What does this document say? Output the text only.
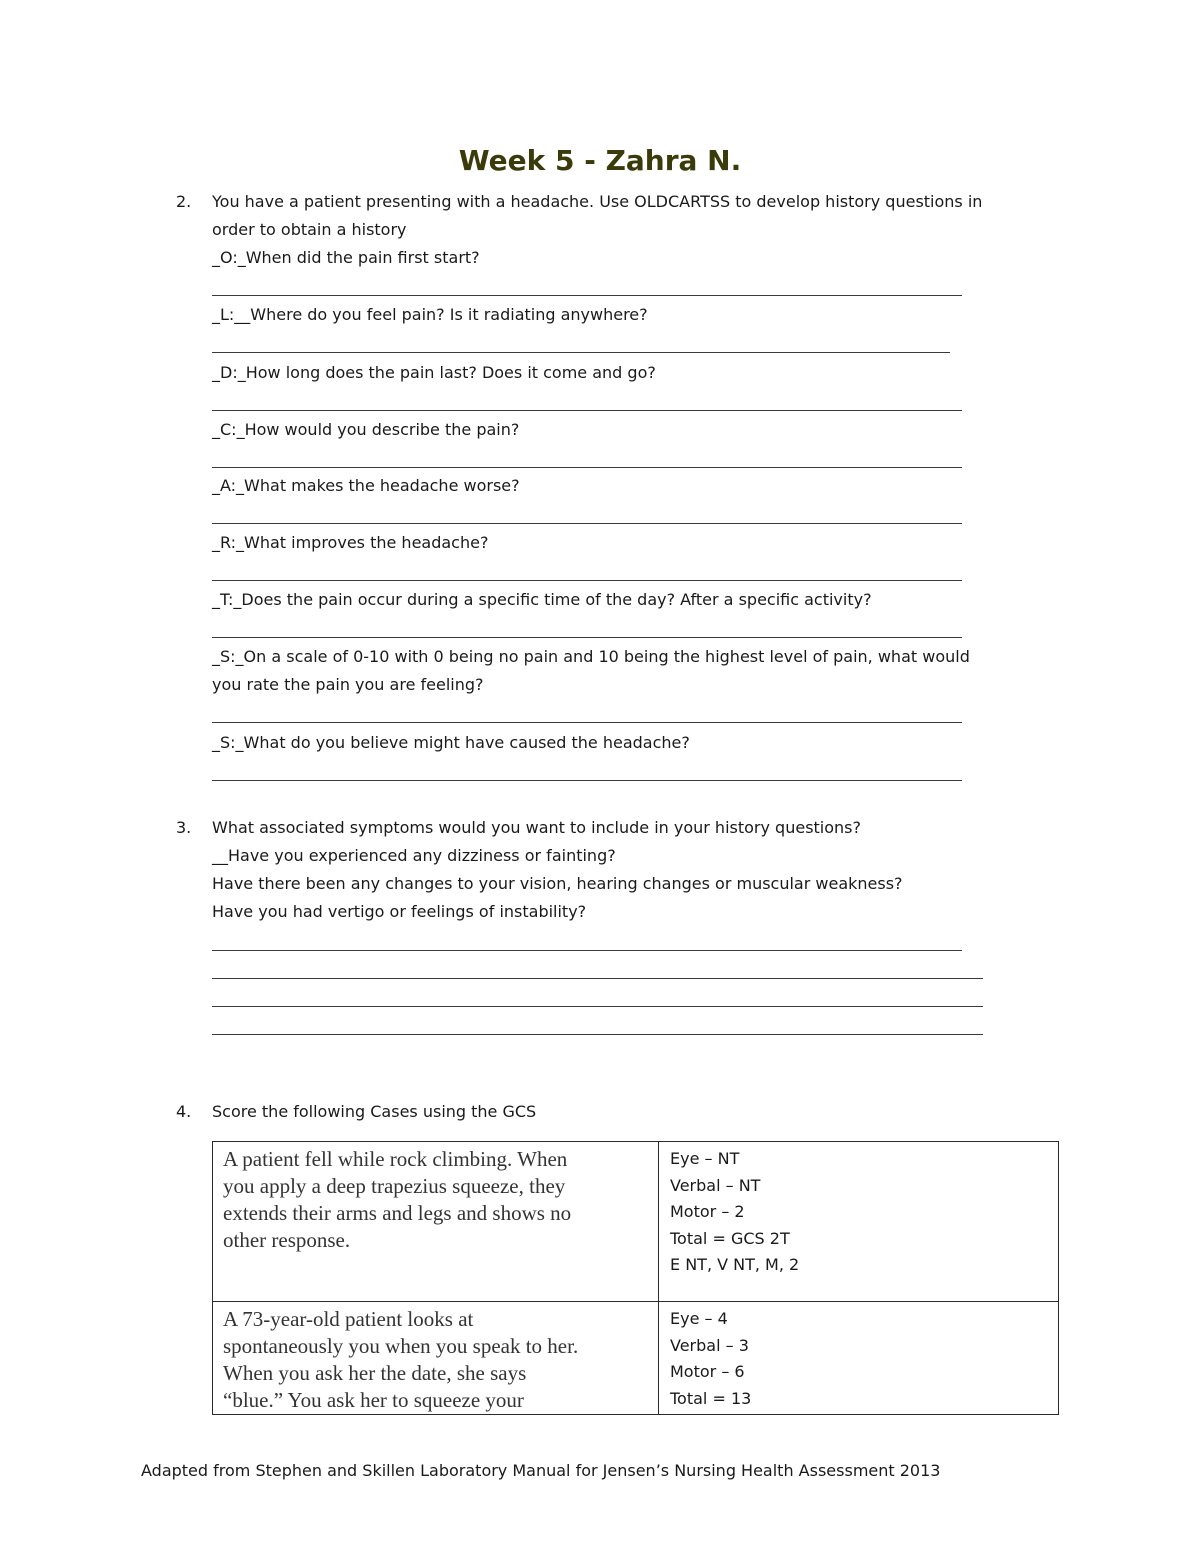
Week 5 - Zahra N.
2. You have a patient presenting with a headache. Use OLDCARTSS to develop history questions in
order to obtain a history
_O:_When did the pain first start?
_L:__Where do you feel pain? Is it radiating anywhere?
_D:_How long does the pain last? Does it come and go?
_C:_How would you describe the pain?
_A:_What makes the headache worse?
_R:_What improves the headache?
_T:_Does the pain occur during a specific time of the day? After a specific activity?
_S:_On a scale of 0-10 with 0 being no pain and 10 being the highest level of pain, what would
you rate the pain you are feeling?
_S:_What do you believe might have caused the headache?
3. What associated symptoms would you want to include in your history questions?
__Have you experienced any dizziness or fainting?
Have there been any changes to your vision, hearing changes or muscular weakness?
Have you had vertigo or feelings of instability?
4. Score the following Cases using the GCS
A patient fell while rock climbing. When
you apply a deep trapezius squeeze, they
extends their arms and legs and shows no
other response.	Eye – NT
Verbal – NT
Motor – 2
Total = GCS 2T
E NT, V NT, M, 2

A 73-year-old patient looks at
spontaneously you when you speak to her.
When you ask her the date, she says
“blue.” You ask her to squeeze your	Eye – 4
Verbal – 3
Motor – 6
Total = 13
Adapted from Stephen and Skillen Laboratory Manual for Jensen’s Nursing Health Assessment 2013
